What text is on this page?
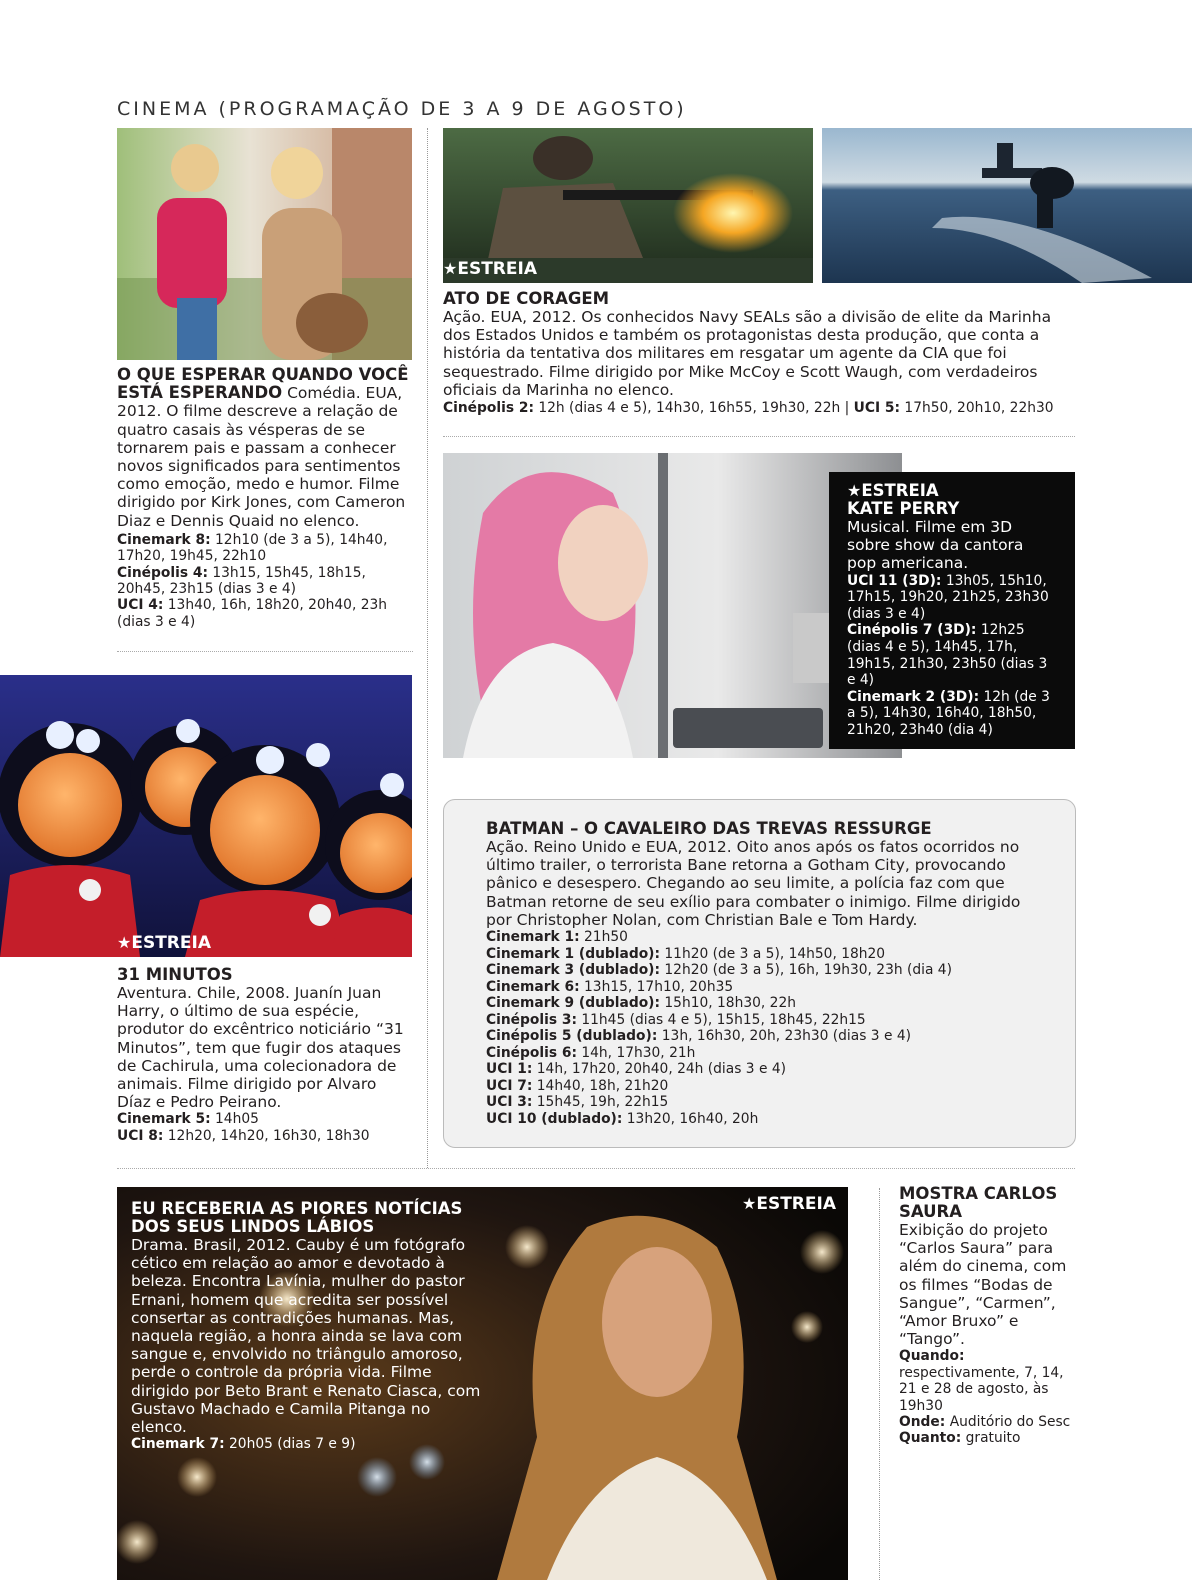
CINEMA (PROGRAMAÇÃO DE 3 A 9 DE AGOSTO)
O QUE ESPERAR QUANDO VOCÊ
ESTÁ ESPERANDO Comédia. EUA, 2012. O filme descreve a relação de quatro casais às vésperas de se tornarem pais e passam a conhecer novos significados para sentimentos como emoção, medo e humor. Filme dirigido por Kirk Jones, com Cameron Diaz e Dennis Quaid no elenco.
Cinemark 8: 12h10 (de 3 a 5), 14h40, 17h20, 19h45, 22h10
Cinépolis 4: 13h15, 15h45, 18h15, 20h45, 23h15 (dias 3 e 4)
UCI 4: 13h40, 16h, 18h20, 20h40, 23h (dias 3 e 4)
★ESTREIA
ATO DE CORAGEM
Ação. EUA, 2012. Os conhecidos Navy SEALs são a divisão de elite da Marinha dos Estados Unidos e também os protagonistas desta produção, que conta a história da tentativa dos militares em resgatar um agente da CIA que foi sequestrado. Filme dirigido por Mike McCoy e Scott Waugh, com verdadeiros oficiais da Marinha no elenco.
Cinépolis 2: 12h (dias 4 e 5), 14h30, 16h55, 19h30, 22h | UCI 5: 17h50, 20h10, 22h30
★ESTREIA
KATE PERRY
Musical. Filme em 3D sobre show da cantora pop americana.
UCI 11 (3D): 13h05, 15h10, 17h15, 19h20, 21h25, 23h30 (dias 3 e 4)
Cinépolis 7 (3D): 12h25 (dias 4 e 5), 14h45, 17h, 19h15, 21h30, 23h50 (dias 3 e 4)
Cinemark 2 (3D): 12h (de 3 a 5), 14h30, 16h40, 18h50, 21h20, 23h40 (dia 4)
★ESTREIA
31 MINUTOS
Aventura. Chile, 2008. Juanín Juan Harry, o último de sua espécie, produtor do excêntrico noticiário “31 Minutos”, tem que fugir dos ataques de Cachirula, uma colecionadora de animais. Filme dirigido por Alvaro Díaz e Pedro Peirano.
Cinemark 5: 14h05
UCI 8: 12h20, 14h20, 16h30, 18h30
BATMAN – O CAVALEIRO DAS TREVAS RESSURGE
Ação. Reino Unido e EUA, 2012. Oito anos após os fatos ocorridos no último trailer, o terrorista Bane retorna a Gotham City, provocando pânico e desespero. Chegando ao seu limite, a polícia faz com que Batman retorne de seu exílio para combater o inimigo. Filme dirigido por Christopher Nolan, com Christian Bale e Tom Hardy.
Cinemark 1: 21h50
Cinemark 1 (dublado): 11h20 (de 3 a 5), 14h50, 18h20
Cinemark 3 (dublado): 12h20 (de 3 a 5), 16h, 19h30, 23h (dia 4)
Cinemark 6: 13h15, 17h10, 20h35
Cinemark 9 (dublado): 15h10, 18h30, 22h
Cinépolis 3: 11h45 (dias 4 e 5), 15h15, 18h45, 22h15
Cinépolis 5 (dublado): 13h, 16h30, 20h, 23h30 (dias 3 e 4)
Cinépolis 6: 14h, 17h30, 21h
UCI 1: 14h, 17h20, 20h40, 24h (dias 3 e 4)
UCI 7: 14h40, 18h, 21h20
UCI 3: 15h45, 19h, 22h15
UCI 10 (dublado): 13h20, 16h40, 20h
★ESTREIA
EU RECEBERIA AS PIORES NOTÍCIAS
DOS SEUS LINDOS LÁBIOS
Drama. Brasil, 2012. Cauby é um fotógrafo cético em relação ao amor e devotado à beleza. Encontra Lavínia, mulher do pastor Ernani, homem que acredita ser possível consertar as contradições humanas. Mas, naquela região, a honra ainda se lava com sangue e, envolvido no triângulo amoroso, perde o controle da própria vida. Filme dirigido por Beto Brant e Renato Ciasca, com Gustavo Machado e Camila Pitanga no elenco.
Cinemark 7: 20h05 (dias 7 e 9)
MOSTRA CARLOS SAURA
Exibição do projeto “Carlos Saura” para além do cinema, com os filmes “Bodas de Sangue”, “Carmen”, “Amor Bruxo” e “Tango”.
Quando:
respectivamente, 7, 14, 21 e 28 de agosto, às 19h30
Onde: Auditório do Sesc
Quanto: gratuito
